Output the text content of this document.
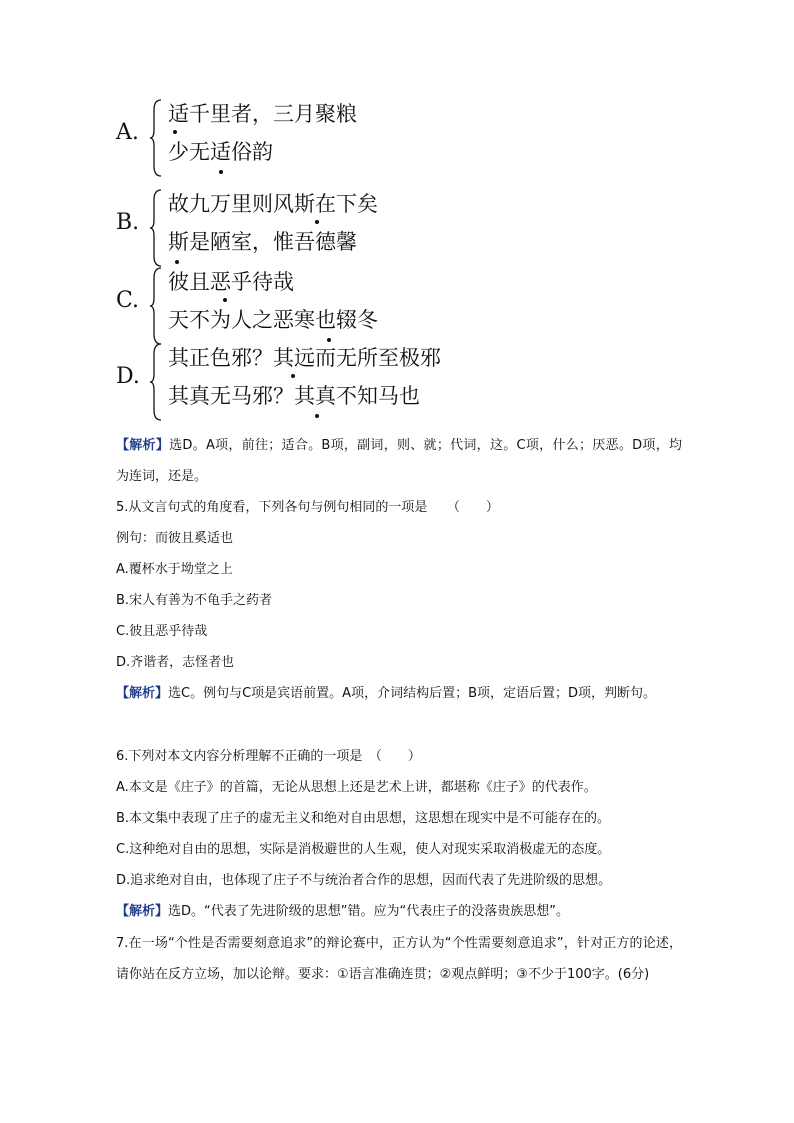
A.
适千里者，三月聚粮
少无适俗韵
B.
故九万里则风斯在下矣
斯是陋室，惟吾德馨
C.
彼且恶乎待哉
天不为人之恶寒也辍冬
D.
其正色邪？其远而无所至极邪
其真无马邪？其真不知马也
【解析】选D。A项，前往；适合。B项，副词，则、就；代词，这。C项，什么；厌恶。D项，均为连词，还是。
5.从文言句式的角度看，下列各句与例句相同的一项是　　（　　）
例句：而彼且奚适也
A.覆杯水于坳堂之上
B.宋人有善为不龟手之药者
C.彼且恶乎待哉
D.齐谐者，志怪者也
【解析】选C。例句与C项是宾语前置。A项，介词结构后置；B项，定语后置；D项，判断句。
6.下列对本文内容分析理解不正确的一项是　（　　）
A.本文是《庄子》的首篇，无论从思想上还是艺术上讲，都堪称《庄子》的代表作。
B.本文集中表现了庄子的虚无主义和绝对自由思想，这思想在现实中是不可能存在的。
C.这种绝对自由的思想，实际是消极避世的人生观，使人对现实采取消极虚无的态度。
D.追求绝对自由，也体现了庄子不与统治者合作的思想，因而代表了先进阶级的思想。
【解析】选D。“代表了先进阶级的思想”错。应为“代表庄子的没落贵族思想”。
7.在一场“个性是否需要刻意追求”的辩论赛中，正方认为“个性需要刻意追求”，针对正方的论述，请你站在反方立场，加以论辩。要求：①语言准确连贯；②观点鲜明；③不少于100字。(6分)
